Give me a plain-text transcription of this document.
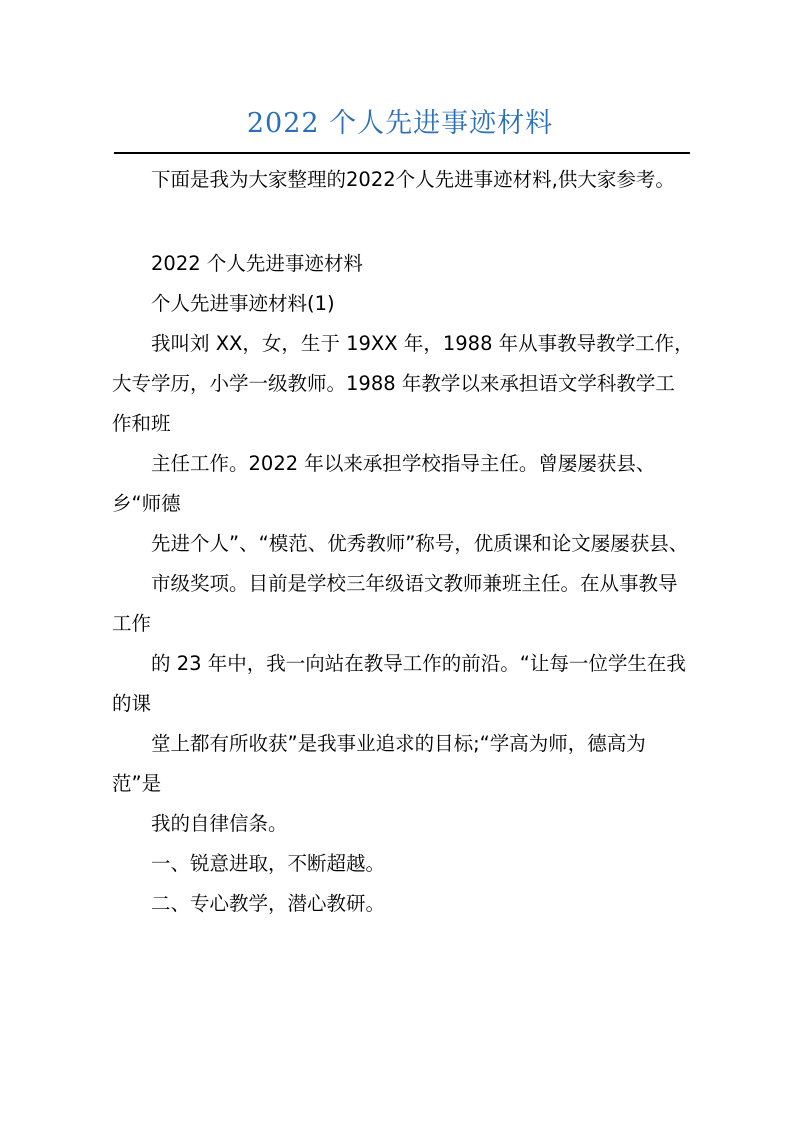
2022 个人先进事迹材料

下面是我为大家整理的2022个人先进事迹材料,供大家参考。

2022 个人先进事迹材料

个人先进事迹材料(1)

我叫刘 XX，女，生于 19XX 年，1988 年从事教导教学工作，大专学历，小学一级教师。1988 年教学以来承担语文学科教学工作和班

主任工作。2022 年以来承担学校指导主任。曾屡屡获县、乡“师德

先进个人”、“模范、优秀教师”称号，优质课和论文屡屡获县、

市级奖项。目前是学校三年级语文教师兼班主任。在从事教导工作

的 23 年中，我一向站在教导工作的前沿。“让每一位学生在我的课

堂上都有所收获”是我事业追求的目标;“学高为师，德高为范”是

我的自律信条。

一、锐意进取，不断超越。

二、专心教学，潜心教研。
